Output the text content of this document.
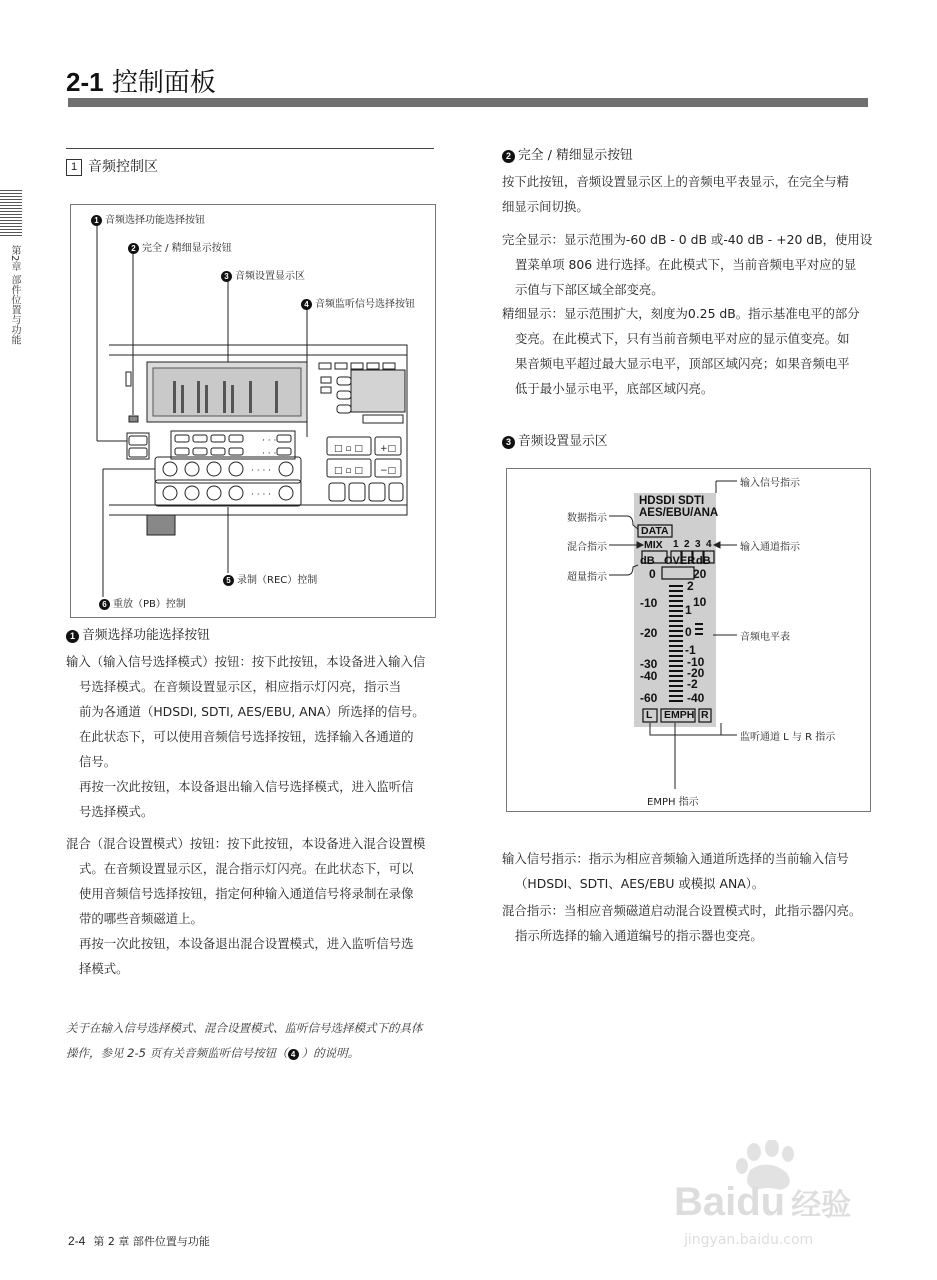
2-1 控制面板
第2章 部件位置与功能
1 音频控制区
· · ·
· · ·
· · · ·
· · · ·
□ ▫ □ +□
□ ▫ □ −□
1 音频选择功能选择按钮
2 完全 / 精细显示按钮
3 音频设置显示区
4 音频监听信号选择按钮
5 录制（REC）控制
6 重放（PB）控制
1 音频选择功能选择按钮
输入（输入信号选择模式）按钮：按下此按钮，本设备进入输入信
号选择模式。在音频设置显示区，相应指示灯闪亮，指示当
前为各通道（HDSDI, SDTI, AES/EBU, ANA）所选择的信号。
在此状态下，可以使用音频信号选择按钮，选择输入各通道的
信号。
再按一次此按钮，本设备退出输入信号选择模式，进入监听信
号选择模式。
混合（混合设置模式）按钮：按下此按钮，本设备进入混合设置模
式。在音频设置显示区，混合指示灯闪亮。在此状态下，可以
使用音频信号选择按钮，指定何种输入通道信号将录制在录像
带的哪些音频磁道上。
再按一次此按钮，本设备退出混合设置模式，进入监听信号选
择模式。
关于在输入信号选择模式、混合设置模式、监听信号选择模式下的具体
操作，参见 2-5 页有关音频监听信号按钮（ 4 ）的说明。
2 完全 / 精细显示按钮
按下此按钮，音频设置显示区上的音频电平表显示，在完全与精
细显示间切换。
完全显示：显示范围为-60 dB - 0 dB 或-40 dB - +20 dB，使用设
置菜单项 806 进行选择。在此模式下，当前音频电平对应的显
示值与下部区域全部变亮。
精细显示：显示范围扩大，刻度为0.25 dB。指示基准电平的部分
变亮。在此模式下，只有当前音频电平对应的显示值变亮。如
果音频电平超过最大显示电平，顶部区域闪亮；如果音频电平
低于最小显示电平，底部区域闪亮。
3 音频设置显示区
HDSDI SDTI
AES/EBU/ANA
DATA
MIX 1 2 3 4
dB OVER dB
0
-10
-20
-30
-40
-60
20
2
10
1
0
-1
-10
-20
-2
-40
L EMPH R
输入信号指示
数据指示
混合指示	输入通道指示
超量指示
音频电平表
监听通道 L 与 R 指示
EMPH 指示
输入信号指示：指示为相应音频输入通道所选择的当前输入信号
（HDSDI、SDTI、AES/EBU 或模拟 ANA）。
混合指示：当相应音频磁道启动混合设置模式时，此指示器闪亮。
指示所选择的输入通道编号的指示器也变亮。
2-4 第 2 章 部件位置与功能
Baidu 经验
jingyan.baidu.com
